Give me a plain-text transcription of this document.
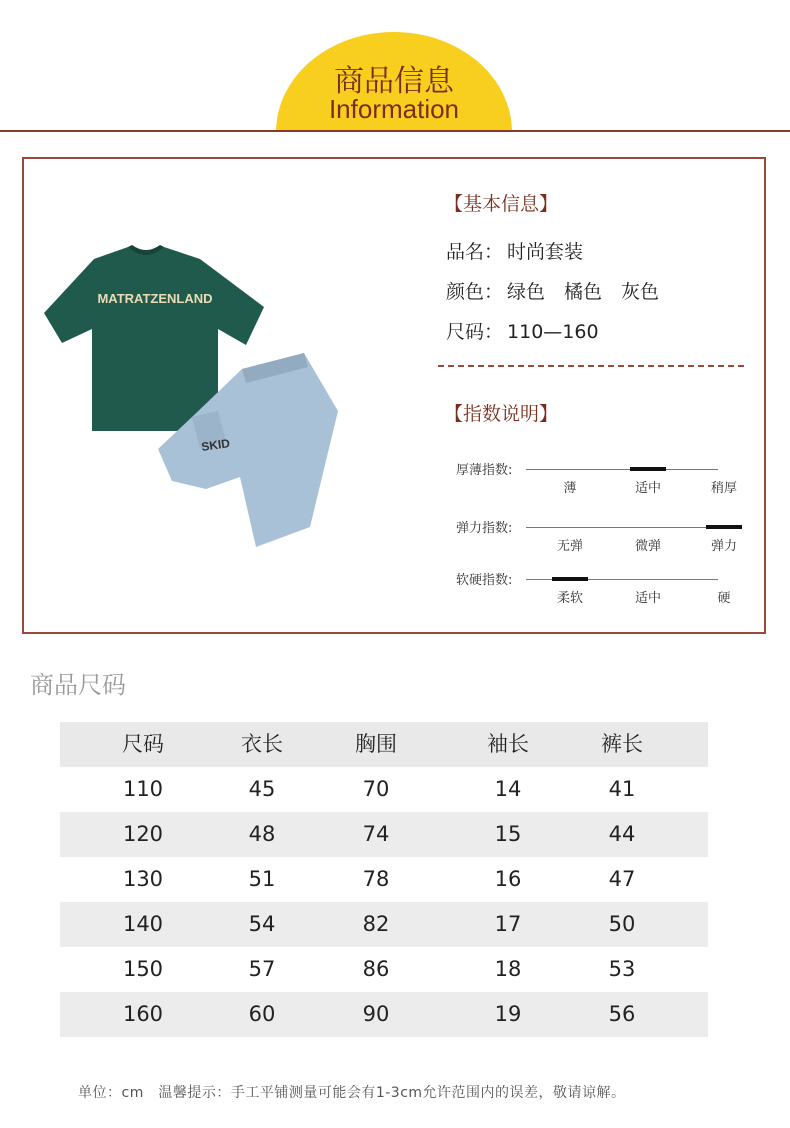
商品信息
Information
MATRATZENLAND
SKID
【基本信息】
品名： 时尚套装
颜色： 绿色　橘色　灰色
尺码： 110—160
【指数说明】
厚薄指数:
薄	适中	稍厚
弹力指数:
无弹	微弹	弹力
软硬指数:
柔软	适中	硬
商品尺码
尺码	衣长	胸围	袖长	裤长
110	45	70	14	41
120	48	74	15	44
130	51	78	16	47
140	54	82	17	50
150	57	86	18	53
160	60	90	19	56
单位：cm　温馨提示：手工平铺测量可能会有1-3cm允许范围内的误差，敬请谅解。
